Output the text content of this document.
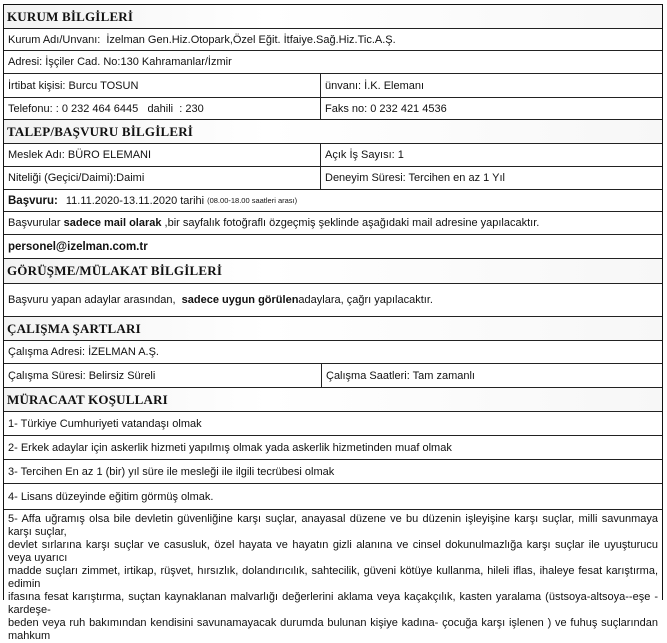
KURUM BİLGİLERİ
Kurum Adı/Unvanı: İzelman Gen.Hiz.Otopark,Özel Eğit. İtfaiye.Sağ.Hiz.Tic.A.Ş.
Adresi: İşçiler Cad. No:130 Kahramanlar/İzmir
İrtibat kişisi: Burcu TOSUN	ünvanı: İ.K. Elemanı
Telefonu: : 0 232 464 6445   dahili  : 230	Faks no: 0 232 421 4536
TALEP/BAŞVURU BİLGİLERİ
Meslek Adı: BÜRO ELEMANI	Açık İş Sayısı: 1
Niteliği (Geçici/Daimi):Daimi	Deneyim Süresi: Tercihen en az 1 Yıl
Başvuru: 11.11.2020-13.11.2020 tarihi (08.00-18.00 saatleri arası)
Başvurular sadece mail olarak ,bir sayfalık fotoğraflı özgeçmiş şeklinde aşağıdaki mail adresine yapılacaktır.
personel@izelman.com.tr
GÖRÜŞME/MÜLAKAT BİLGİLERİ
Başvuru yapan adaylar arasından, sadece uygun görülen adaylara, çağrı yapılacaktır.
ÇALIŞMA ŞARTLARI
Çalışma Adresi: İZELMAN A.Ş.
Çalışma Süresi: Belirsiz Süreli	Çalışma Saatleri: Tam zamanlı
MÜRACAAT KOŞULLARI
1- Türkiye Cumhuriyeti vatandaşı olmak
2- Erkek adaylar için askerlik hizmeti yapılmış olmak yada askerlik hizmetinden muaf olmak
3- Tercihen En az 1 (bir) yıl süre ile mesleği ile ilgili tecrübesi olmak
4- Lisans düzeyinde eğitim görmüş olmak.
5- Affa uğramış olsa bile devletin güvenliğine karşı suçlar, anayasal düzene ve bu düzenin işleyişine karşı suçlar, milli savunmaya karşı suçlar,
devlet sırlarına karşı suçlar ve casusluk, özel hayata ve hayatın gizli alanına ve cinsel dokunulmazlığa karşı suçlar ile uyuşturucu veya uyarıcı
madde suçları zimmet, irtikap, rüşvet, hırsızlık, dolandırıcılık, sahtecilik, güveni kötüye kullanma, hileli iflas, ihaleye fesat karıştırma, edimin
ifasına fesat karıştırma, suçtan kaynaklanan malvarlığı değerlerini aklama veya kaçakçılık, kasten yaralama (üstsoya-altsoya--eşe -kardeşe-
beden veya ruh bakımından kendisini savunamayacak durumda bulunan kişiye kadına- çocuğa karşı işlenen ) ve fuhuş suçlarından mahkum
